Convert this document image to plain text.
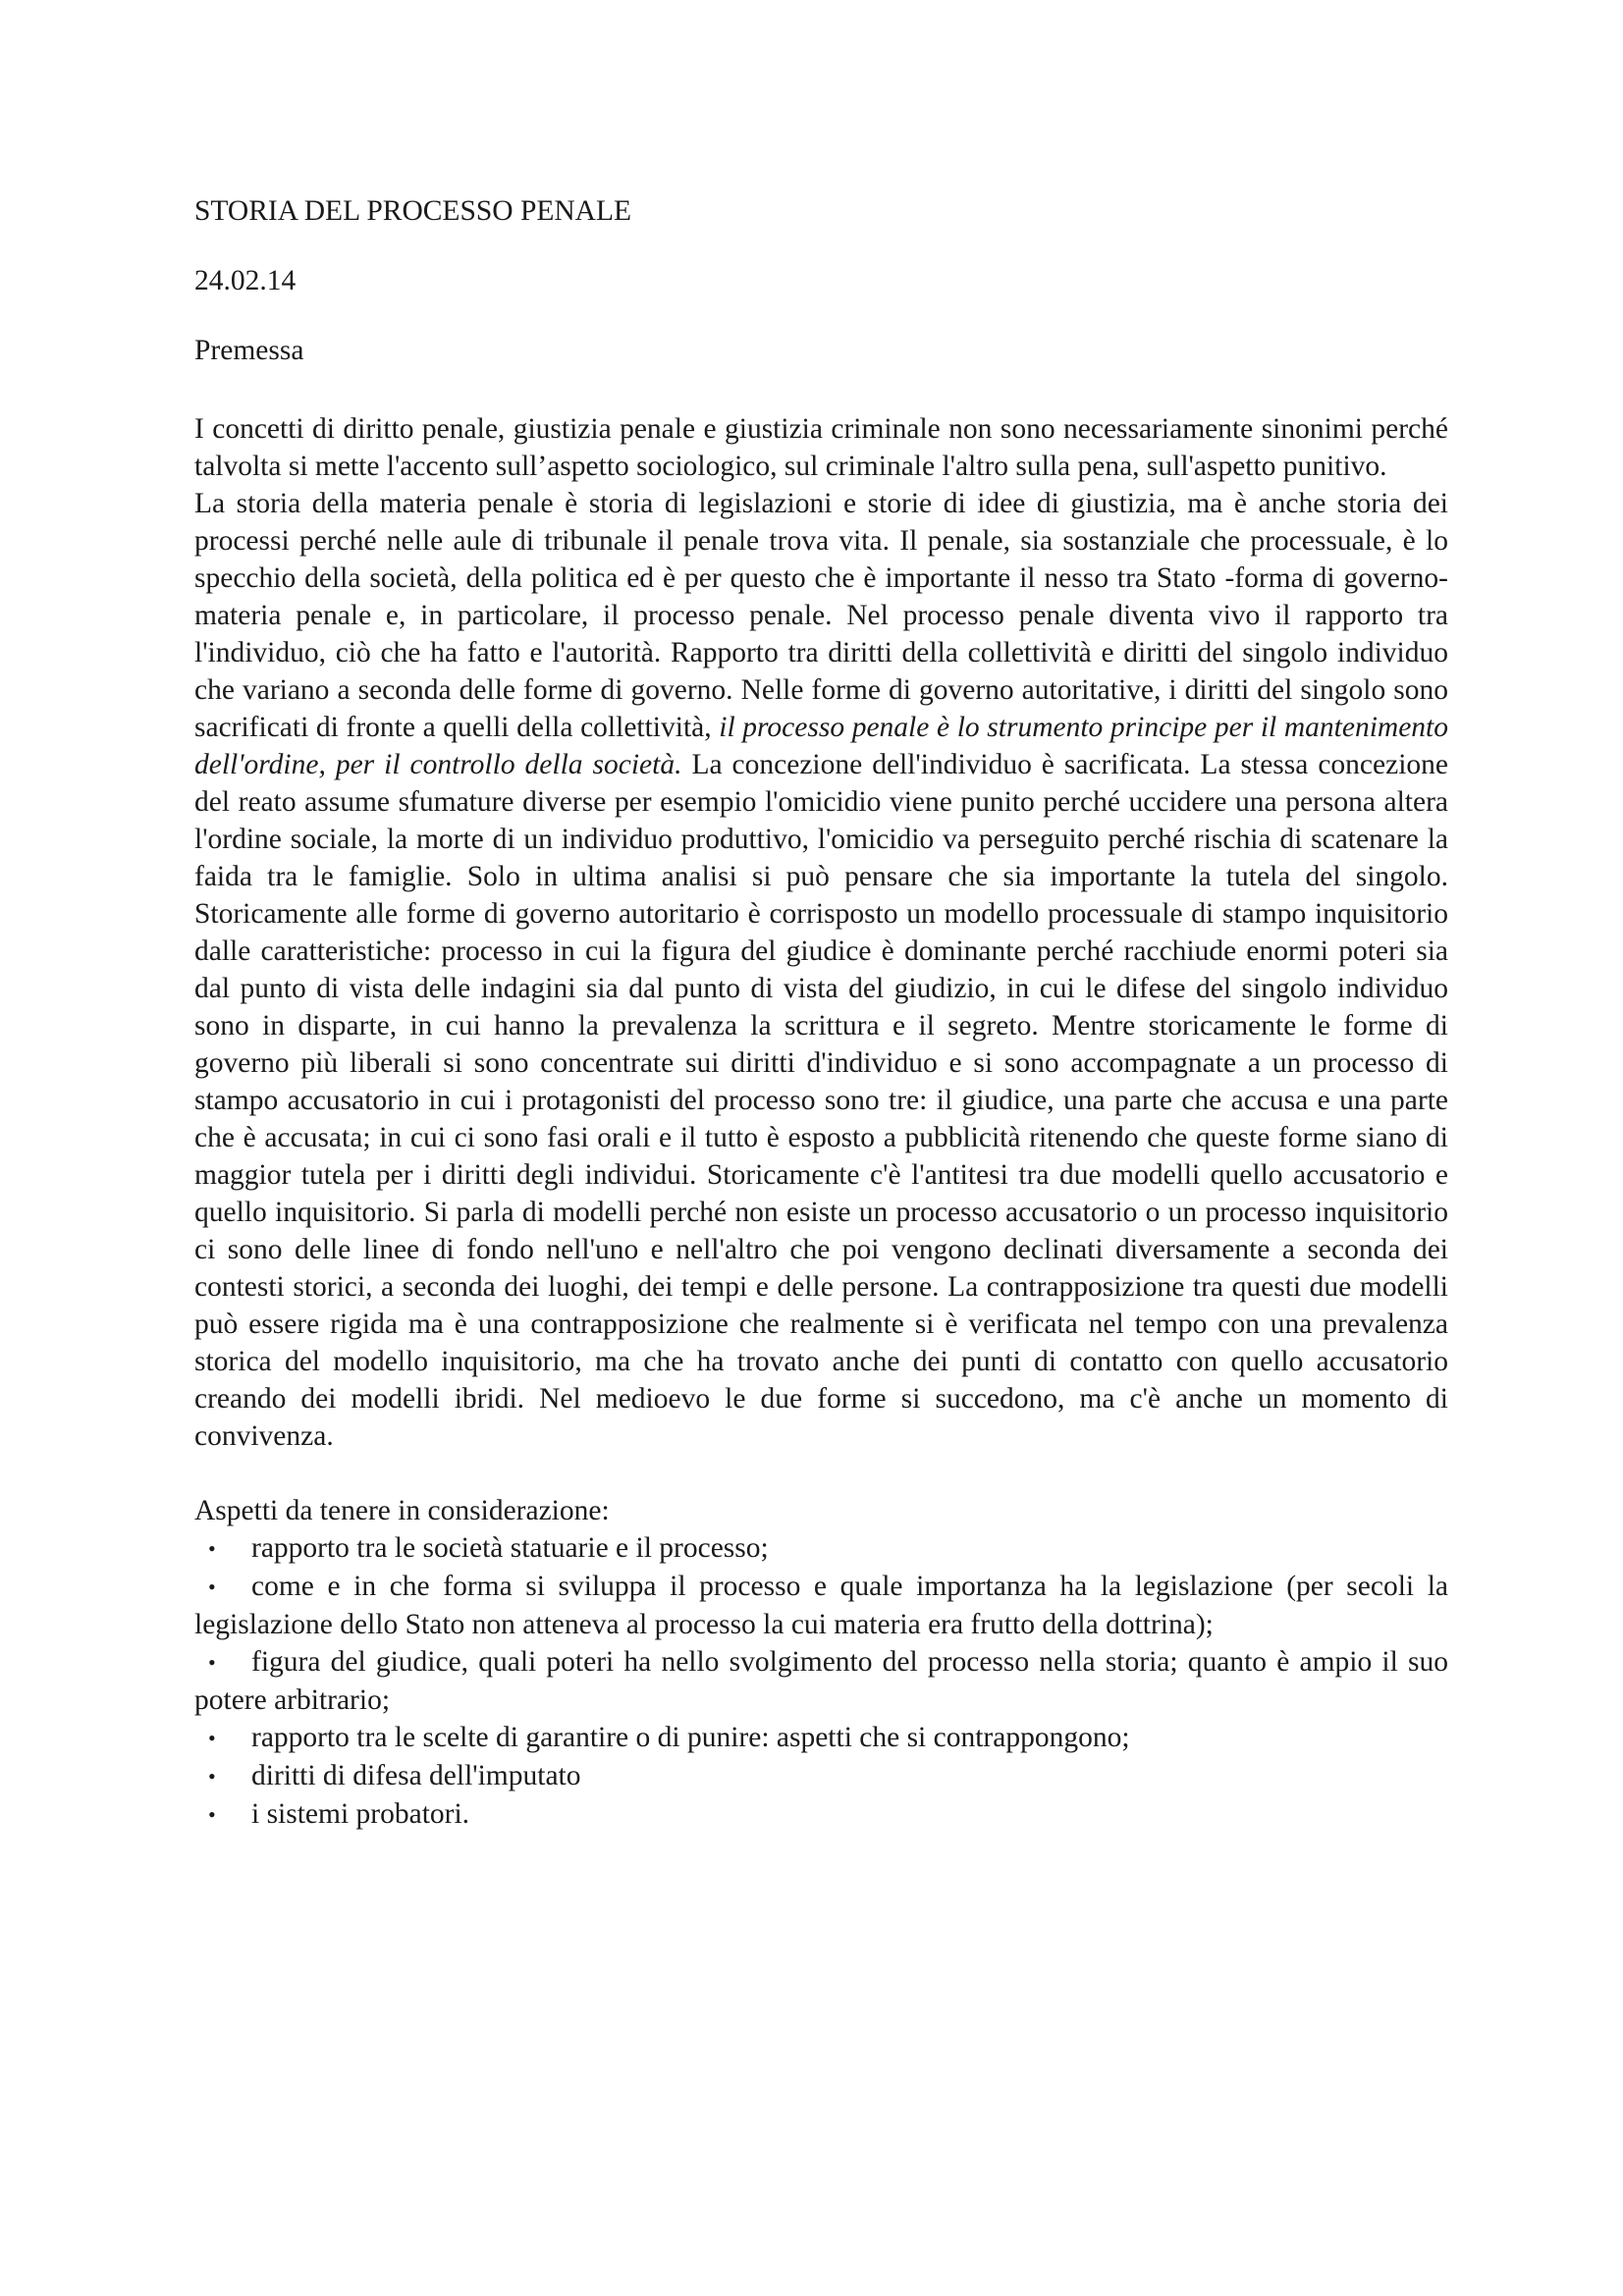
STORIA DEL PROCESSO PENALE

24.02.14

Premessa

I concetti di diritto penale, giustizia penale e giustizia criminale non sono necessariamente sinonimi perché talvolta si mette l'accento sull’aspetto sociologico, sul criminale l'altro sulla pena, sull'aspetto punitivo.

La storia della materia penale è storia di legislazioni e storie di idee di giustizia, ma è anche storia dei processi perché nelle aule di tribunale il penale trova vita. Il penale, sia sostanziale che processuale, è lo specchio della società, della politica ed è per questo che è importante il nesso tra Stato -forma di governo-materia penale e, in particolare, il processo penale. Nel processo penale diventa vivo il rapporto tra l'individuo, ciò che ha fatto e l'autorità. Rapporto tra diritti della collettività e diritti del singolo individuo che variano a seconda delle forme di governo. Nelle forme di governo autoritative, i diritti del singolo sono sacrificati di fronte a quelli della collettività, il processo penale è lo strumento principe per il mantenimento dell'ordine, per il controllo della società. La concezione dell'individuo è sacrificata. La stessa concezione del reato assume sfumature diverse per esempio l'omicidio viene punito perché uccidere una persona altera l'ordine sociale, la morte di un individuo produttivo, l'omicidio va perseguito perché rischia di scatenare la faida tra le famiglie. Solo in ultima analisi si può pensare che sia importante la tutela del singolo. Storicamente alle forme di governo autoritario è corrisposto un modello processuale di stampo inquisitorio dalle caratteristiche: processo in cui la figura del giudice è dominante perché racchiude enormi poteri sia dal punto di vista delle indagini sia dal punto di vista del giudizio, in cui le difese del singolo individuo sono in disparte, in cui hanno la prevalenza la scrittura e il segreto. Mentre storicamente le forme di governo più liberali si sono concentrate sui diritti d'individuo e si sono accompagnate a un processo di stampo accusatorio in cui i protagonisti del processo sono tre: il giudice, una parte che accusa e una parte che è accusata; in cui ci sono fasi orali e il tutto è esposto a pubblicità ritenendo che queste forme siano di maggior tutela per i diritti degli individui. Storicamente c'è l'antitesi tra due modelli quello accusatorio e quello inquisitorio. Si parla di modelli perché non esiste un processo accusatorio o un processo inquisitorio ci sono delle linee di fondo nell'uno e nell'altro che poi vengono declinati diversamente a seconda dei contesti storici, a seconda dei luoghi, dei tempi e delle persone. La contrapposizione tra questi due modelli può essere rigida ma è una contrapposizione che realmente si è verificata nel tempo con una prevalenza storica del modello inquisitorio, ma che ha trovato anche dei punti di contatto con quello accusatorio creando dei modelli ibridi. Nel medioevo le due forme si succedono, ma c'è anche un momento di convivenza.

Aspetti da tenere in considerazione:

• rapporto tra le società statuarie e il processo;
• come e in che forma si sviluppa il processo e quale importanza ha la legislazione (per secoli la legislazione dello Stato non atteneva al processo la cui materia era frutto della dottrina);
• figura del giudice, quali poteri ha nello svolgimento del processo nella storia; quanto è ampio il suo potere arbitrario;
• rapporto tra le scelte di garantire o di punire: aspetti che si contrappongono;
• diritti di difesa dell'imputato
• i sistemi probatori.
